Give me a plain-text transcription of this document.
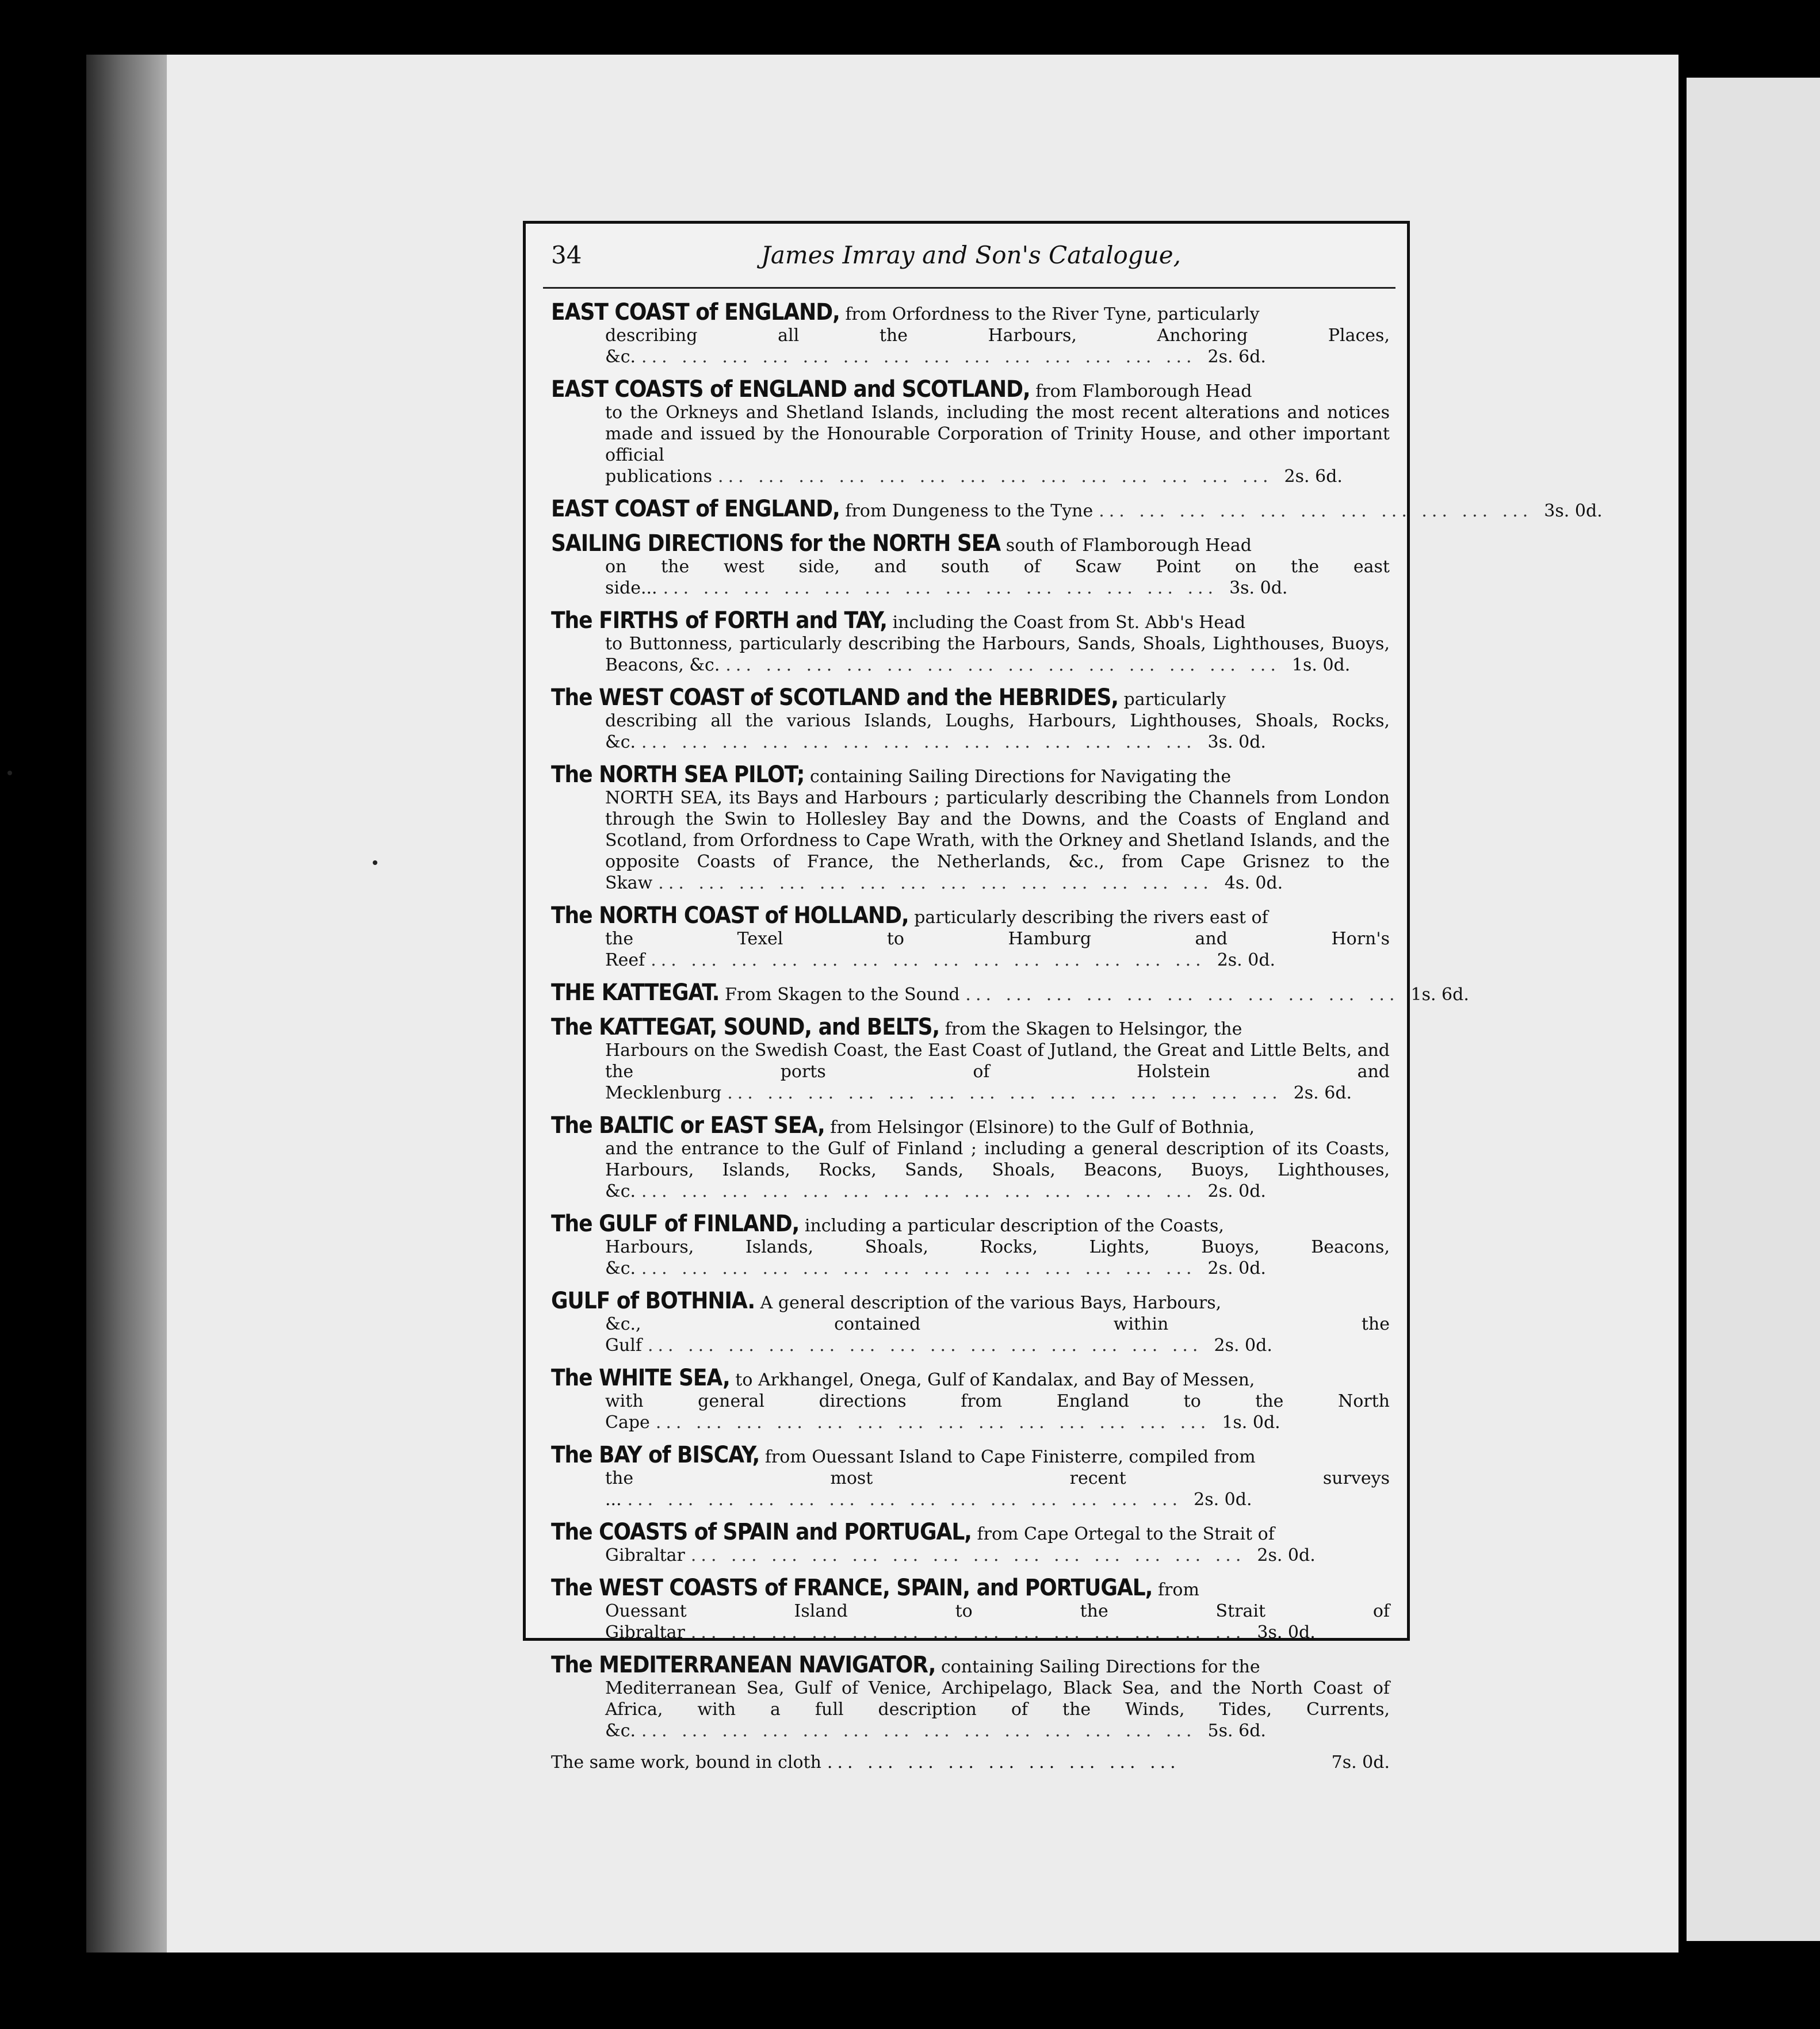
34	James Imray and Son's Catalogue,
EAST COAST of ENGLAND, from Orfordness to the River Tyne, particularly
describing all the Harbours, Anchoring Places, &c. ... ... ... ... ... ... ... ... ... ... ... ... ... ... 2s. 6d.
EAST COASTS of ENGLAND and SCOTLAND, from Flamborough Head
to the Orkneys and Shetland Islands, including the most recent alterations and notices made and issued by the Honourable Corporation of Trinity House, and other important official publications ... ... ... ... ... ... ... ... ... ... ... ... ... ... 2s. 6d.
EAST COAST of ENGLAND, from Dungeness to the Tyne ... ... ... ... ... ... ... ... ... ... ... 3s. 0d.
SAILING DIRECTIONS for the NORTH SEA south of Flamborough Head
on the west side, and south of Scaw Point on the east side... ... ... ... ... ... ... ... ... ... ... ... ... ... ... 3s. 0d.
The FIRTHS of FORTH and TAY, including the Coast from St. Abb's Head
to Buttonness, particularly describing the Harbours, Sands, Shoals, Lighthouses, Buoys, Beacons, &c. ... ... ... ... ... ... ... ... ... ... ... ... ... ... 1s. 0d.
The WEST COAST of SCOTLAND and the HEBRIDES, particularly
describing all the various Islands, Loughs, Harbours, Lighthouses, Shoals, Rocks, &c. ... ... ... ... ... ... ... ... ... ... ... ... ... ... 3s. 0d.
The NORTH SEA PILOT; containing Sailing Directions for Navigating the
NORTH SEA, its Bays and Harbours ; particularly describing the Channels from London through the Swin to Hollesley Bay and the Downs, and the Coasts of England and Scotland, from Orfordness to Cape Wrath, with the Orkney and Shetland Islands, and the opposite Coasts of France, the Netherlands, &c., from Cape Grisnez to the Skaw ... ... ... ... ... ... ... ... ... ... ... ... ... ... 4s. 0d.
The NORTH COAST of HOLLAND, particularly describing the rivers east of
the Texel to Hamburg and Horn's Reef ... ... ... ... ... ... ... ... ... ... ... ... ... ... 2s. 0d.
THE KATTEGAT. From Skagen to the Sound ... ... ... ... ... ... ... ... ... ... ... 1s. 6d.
The KATTEGAT, SOUND, and BELTS, from the Skagen to Helsingor, the
Harbours on the Swedish Coast, the East Coast of Jutland, the Great and Little Belts, and the ports of Holstein and Mecklenburg ... ... ... ... ... ... ... ... ... ... ... ... ... ... 2s. 6d.
The BALTIC or EAST SEA, from Helsingor (Elsinore) to the Gulf of Bothnia,
and the entrance to the Gulf of Finland ; including a general description of its Coasts, Harbours, Islands, Rocks, Sands, Shoals, Beacons, Buoys, Lighthouses, &c. ... ... ... ... ... ... ... ... ... ... ... ... ... ... 2s. 0d.
The GULF of FINLAND, including a particular description of the Coasts,
Harbours, Islands, Shoals, Rocks, Lights, Buoys, Beacons, &c. ... ... ... ... ... ... ... ... ... ... ... ... ... ... 2s. 0d.
GULF of BOTHNIA. A general description of the various Bays, Harbours,
&c., contained within the Gulf ... ... ... ... ... ... ... ... ... ... ... ... ... ... 2s. 0d.
The WHITE SEA, to Arkhangel, Onega, Gulf of Kandalax, and Bay of Messen,
with general directions from England to the North Cape ... ... ... ... ... ... ... ... ... ... ... ... ... ... 1s. 0d.
The BAY of BISCAY, from Ouessant Island to Cape Finisterre, compiled from
the most recent surveys ... ... ... ... ... ... ... ... ... ... ... ... ... ... ... 2s. 0d.
The COASTS of SPAIN and PORTUGAL, from Cape Ortegal to the Strait of
Gibraltar ... ... ... ... ... ... ... ... ... ... ... ... ... ... 2s. 0d.
The WEST COASTS of FRANCE, SPAIN, and PORTUGAL, from
Ouessant Island to the Strait of Gibraltar ... ... ... ... ... ... ... ... ... ... ... ... ... ... 3s. 0d.
The MEDITERRANEAN NAVIGATOR, containing Sailing Directions for the
Mediterranean Sea, Gulf of Venice, Archipelago, Black Sea, and the North Coast of Africa, with a full description of the Winds, Tides, Currents, &c. ... ... ... ... ... ... ... ... ... ... ... ... ... ... 5s. 6d.
The same work, bound in cloth ... ... ... ... ... ... ... ... ...	7s. 0d.
